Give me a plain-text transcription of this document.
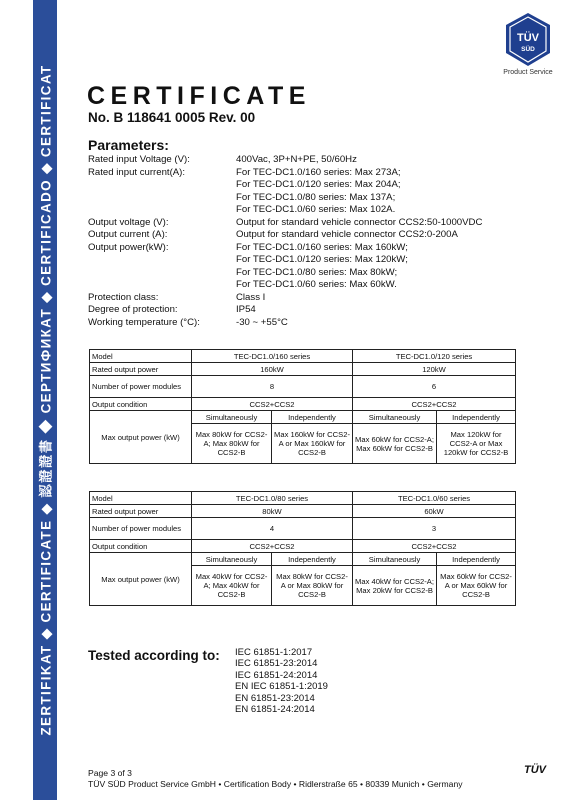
ZERTIFIKAT ◆ CERTIFICATE ◆ 認證證書 ◆ СЕРТИФИКАТ ◆ CERTIFICADO ◆ CERTIFICAT
TÜV
SÜD
Product Service
CERTIFICATE
No. B 118641 0005 Rev. 00
Parameters:
Rated input Voltage (V):	400Vac, 3P+N+PE, 50/60Hz
Rated input current(A):	For TEC-DC1.0/160 series: Max 273A;
For TEC-DC1.0/120 series: Max 204A;
For TEC-DC1.0/80 series: Max 137A;
For TEC-DC1.0/60 series: Max 102A.
Output voltage (V):	Output for standard vehicle connector CCS2:50-1000VDC
Output current (A):	Output for standard vehicle connector CCS2:0-200A
Output power(kW):	For TEC-DC1.0/160 series: Max 160kW;
For TEC-DC1.0/120 series: Max 120kW;
For TEC-DC1.0/80 series: Max 80kW;
For TEC-DC1.0/60 series: Max 60kW.
Protection class:	Class I
Degree of protection:	IP54
Working temperature (°C):	-30 ~ +55°C
Model	TEC-DC1.0/160 series		TEC-DC1.0/120 series	
Rated output power	160kW		120kW	
Number of power modules	8		6	
Output condition	CCS2+CCS2		CCS2+CCS2	
Max output power (kW)	Simultaneously	Independently	Simultaneously	Independently
	Max 80kW for CCS2-A; Max 80kW for CCS2-B	Max 160kW for CCS2-A or Max 160kW for CCS2-B	Max 60kW for CCS2-A; Max 60kW for CCS2-B	Max 120kW for CCS2-A or Max 120kW for CCS2-B
Model	TEC-DC1.0/80 series		TEC-DC1.0/60 series	
Rated output power	80kW		60kW	
Number of power modules	4		3	
Output condition	CCS2+CCS2		CCS2+CCS2	
Max output power (kW)	Simultaneously	Independently	Simultaneously	Independently
	Max 40kW for CCS2-A; Max 40kW for CCS2-B	Max 80kW for CCS2-A or Max 80kW for CCS2-B	Max 40kW for CCS2-A; Max 20kW for CCS2-B	Max 60kW for CCS2-A or Max 60kW for CCS2-B
Tested according to: IEC 61851-1:2017
IEC 61851-23:2014
IEC 61851-24:2014
EN IEC 61851-1:2019
EN 61851-23:2014
EN 61851-24:2014
Page 3 of 3
TÜV SÜD Product Service GmbH • Certification Body • Ridlerstraße 65 • 80339 Munich • Germany
TÜV
